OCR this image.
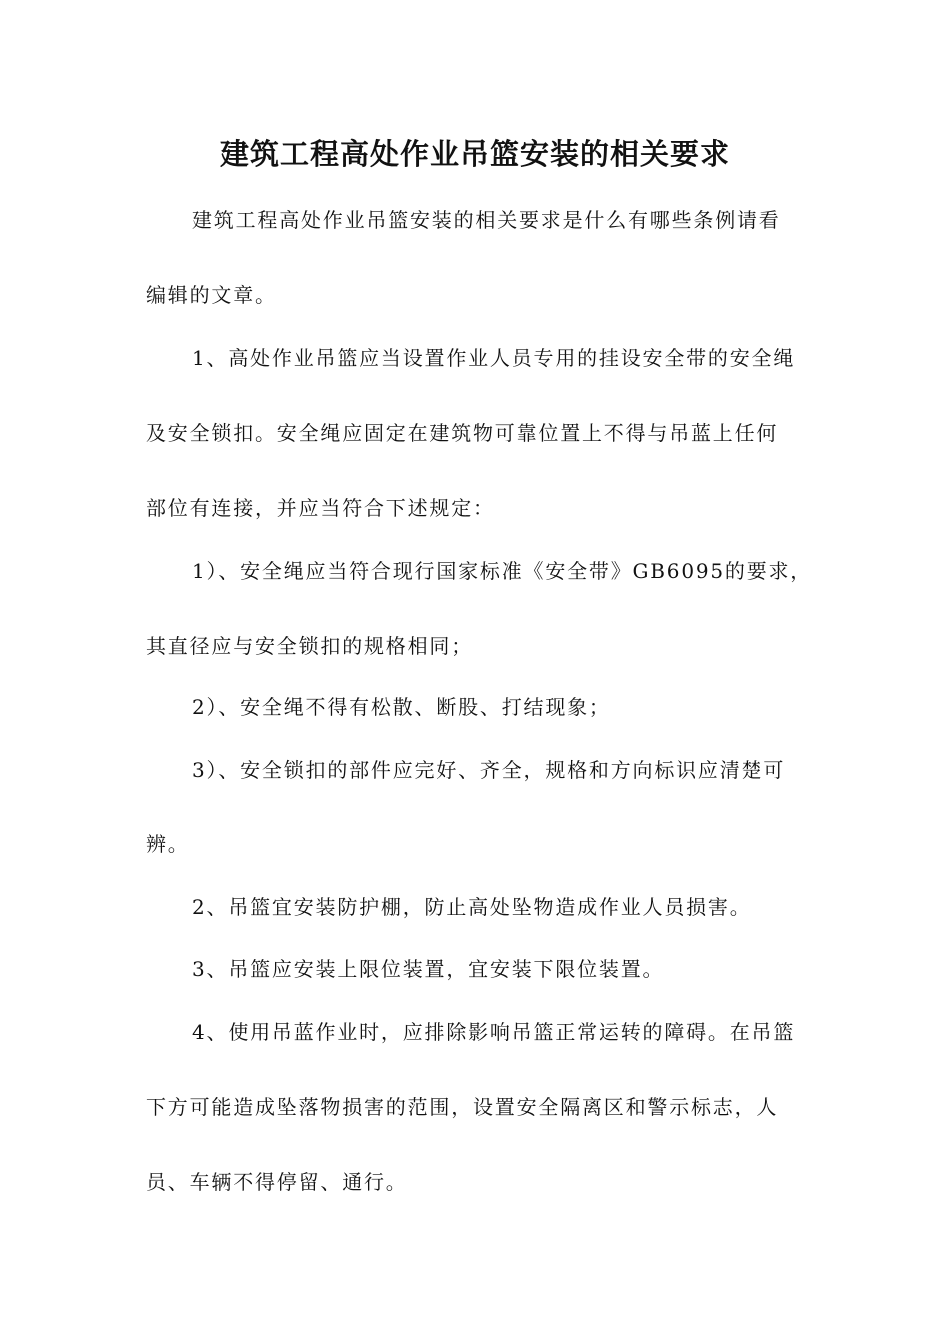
建筑工程高处作业吊篮安装的相关要求
建筑工程高处作业吊篮安装的相关要求是什么有哪些条例请看
编辑的文章。
1、高处作业吊篮应当设置作业人员专用的挂设安全带的安全绳
及安全锁扣。安全绳应固定在建筑物可靠位置上不得与吊蓝上任何
部位有连接，并应当符合下述规定：
1）、安全绳应当符合现行国家标准《安全带》GB6095的要求，
其直径应与安全锁扣的规格相同；
2）、安全绳不得有松散、断股、打结现象；
3）、安全锁扣的部件应完好、齐全，规格和方向标识应清楚可
辨。
2、吊篮宜安装防护棚，防止高处坠物造成作业人员损害。
3、吊篮应安装上限位装置，宜安装下限位装置。
4、使用吊蓝作业时，应排除影响吊篮正常运转的障碍。在吊篮
下方可能造成坠落物损害的范围，设置安全隔离区和警示标志，人
员、车辆不得停留、通行。
